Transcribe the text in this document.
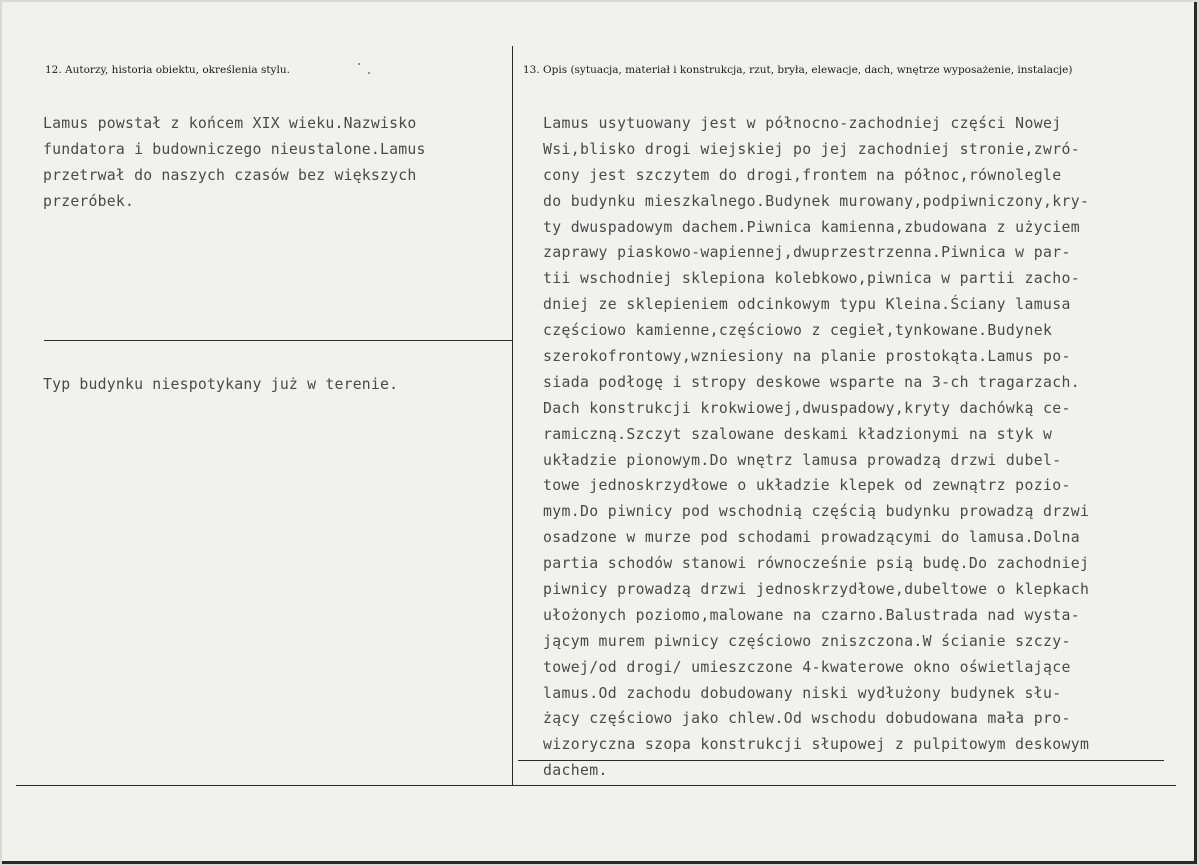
12. Autorzy, historia obiektu, określenia stylu.	13. Opis (sytuacja, materiał i konstrukcja, rzut, bryła, elewacje, dach, wnętrze wyposażenie, instalacje)
Lamus powstał z końcem XIX wieku.Nazwisko
fundatora i budowniczego nieustalone.Lamus
przetrwał do naszych czasów bez większych
przeróbek.
Typ budynku niespotykany już w terenie.
Lamus usytuowany jest w północno-zachodniej części Nowej
Wsi,blisko drogi wiejskiej po jej zachodniej stronie,zwró-
cony jest szczytem do drogi,frontem na północ,równolegle
do budynku mieszkalnego.Budynek murowany,podpiwniczony,kry-
ty dwuspadowym dachem.Piwnica kamienna,zbudowana z użyciem
zaprawy piaskowo-wapiennej,dwuprzestrzenna.Piwnica w par-
tii wschodniej sklepiona kolebkowo,piwnica w partii zacho-
dniej ze sklepieniem odcinkowym typu Kleina.Ściany lamusa
częściowo kamienne,częściowo z cegieł,tynkowane.Budynek
szerokofrontowy,wzniesiony na planie prostokąta.Lamus po-
siada podłogę i stropy deskowe wsparte na 3-ch tragarzach.
Dach konstrukcji krokwiowej,dwuspadowy,kryty dachówką ce-
ramiczną.Szczyt szalowane deskami kładzionymi na styk w
układzie pionowym.Do wnętrz lamusa prowadzą drzwi dubel-
towe jednoskrzydłowe o układzie klepek od zewnątrz pozio-
mym.Do piwnicy pod wschodnią częścią budynku prowadzą drzwi
osadzone w murze pod schodami prowadzącymi do lamusa.Dolna
partia schodów stanowi równocześnie psią budę.Do zachodniej
piwnicy prowadzą drzwi jednoskrzydłowe,dubeltowe o klepkach
ułożonych poziomo,malowane na czarno.Balustrada nad wysta-
jącym murem piwnicy częściowo zniszczona.W ścianie szczy-
towej/od drogi/ umieszczone 4-kwaterowe okno oświetlające
lamus.Od zachodu dobudowany niski wydłużony budynek słu-
żący częściowo jako chlew.Od wschodu dobudowana mała pro-
wizoryczna szopa konstrukcji słupowej z pulpitowym deskowym
dachem.
